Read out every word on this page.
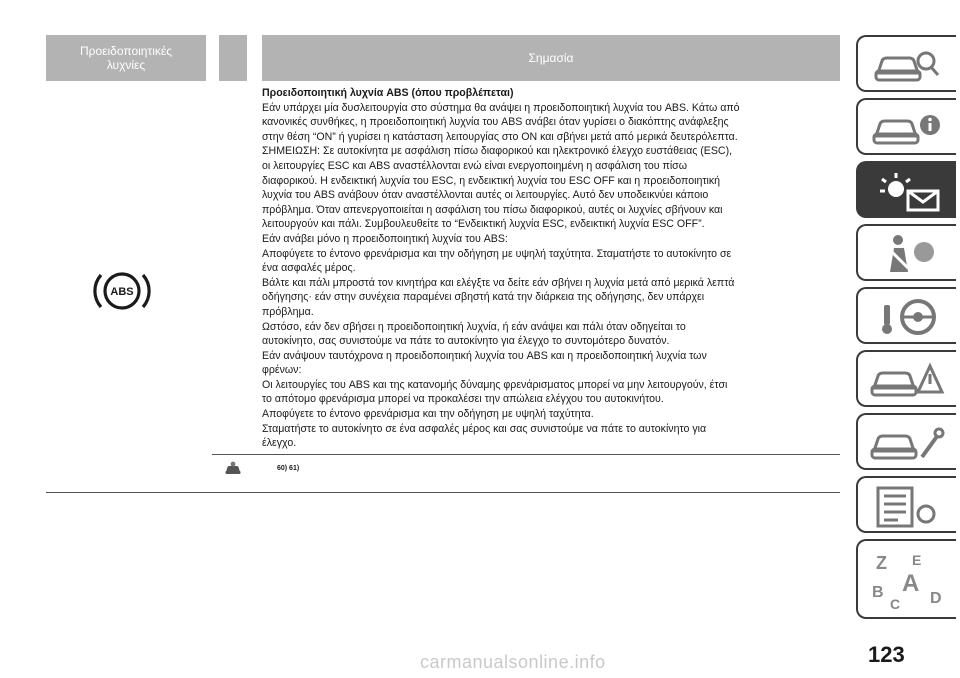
Προειδοποιητικές
λυχνίες	Σημασία
ABS
Προειδοποιητική λυχνία ABS (όπου προβλέπεται)
Εάν υπάρχει μία δυσλειτουργία στο σύστημα θα ανάψει η προειδοποιητική λυχνία του ABS. Κάτω από
κανονικές συνθήκες, η προειδοποιητική λυχνία του ABS ανάβει όταν γυρίσει ο διακόπτης ανάφλεξης
στην θέση “ON” ή γυρίσει η κατάσταση λειτουργίας στο ON και σβήνει μετά από μερικά δευτερόλεπτα.
ΣΗΜΕΙΩΣΗ: Σε αυτοκίνητα με ασφάλιση πίσω διαφορικού και ηλεκτρονικό έλεγχο ευστάθειας (ESC),
οι λειτουργίες ESC και ABS αναστέλλονται ενώ είναι ενεργοποιημένη η ασφάλιση του πίσω
διαφορικού. Η ενδεικτική λυχνία του ESC, η ενδεικτική λυχνία του ESC OFF και η προειδοποιητική
λυχνία του ABS ανάβουν όταν αναστέλλονται αυτές οι λειτουργίες. Αυτό δεν υποδεικνύει κάποιο
πρόβλημα. Όταν απενεργοποιείται η ασφάλιση του πίσω διαφορικού, αυτές οι λυχνίες σβήνουν και
λειτουργούν και πάλι. Συμβουλευθείτε το “Ενδεικτική λυχνία ESC, ενδεικτική λυχνία ESC OFF”.
Εάν ανάβει μόνο η προειδοποιητική λυχνία του ABS:
Αποφύγετε το έντονο φρενάρισμα και την οδήγηση με υψηλή ταχύτητα. Σταματήστε το αυτοκίνητο σε
ένα ασφαλές μέρος.
Βάλτε και πάλι μπροστά τον κινητήρα και ελέγξτε να δείτε εάν σβήνει η λυχνία μετά από μερικά λεπτά
οδήγησης· εάν στην συνέχεια παραμένει σβηστή κατά την διάρκεια της οδήγησης, δεν υπάρχει
πρόβλημα.
Ωστόσο, εάν δεν σβήσει η προειδοποιητική λυχνία, ή εάν ανάψει και πάλι όταν οδηγείται το
αυτοκίνητο, σας συνιστούμε να πάτε το αυτοκίνητο για έλεγχο το συντομότερο δυνατόν.
Εάν ανάψουν ταυτόχρονα η προειδοποιητική λυχνία του ABS και η προειδοποιητική λυχνία των
φρένων:
Οι λειτουργίες του ABS και της κατανομής δύναμης φρενάρισματος μπορεί να μην λειτουργούν, έτσι
το απότομο φρενάρισμα μπορεί να προκαλέσει την απώλεια ελέγχου του αυτοκινήτου.
Αποφύγετε το έντονο φρενάρισμα και την οδήγηση με υψηλή ταχύτητα.
Σταματήστε το αυτοκίνητο σε ένα ασφαλές μέρος και σας συνιστούμε να πάτε το αυτοκίνητο για
έλεγχο.
60) 61)
Z E
A
B
C D
123
carmanualsonline.info
